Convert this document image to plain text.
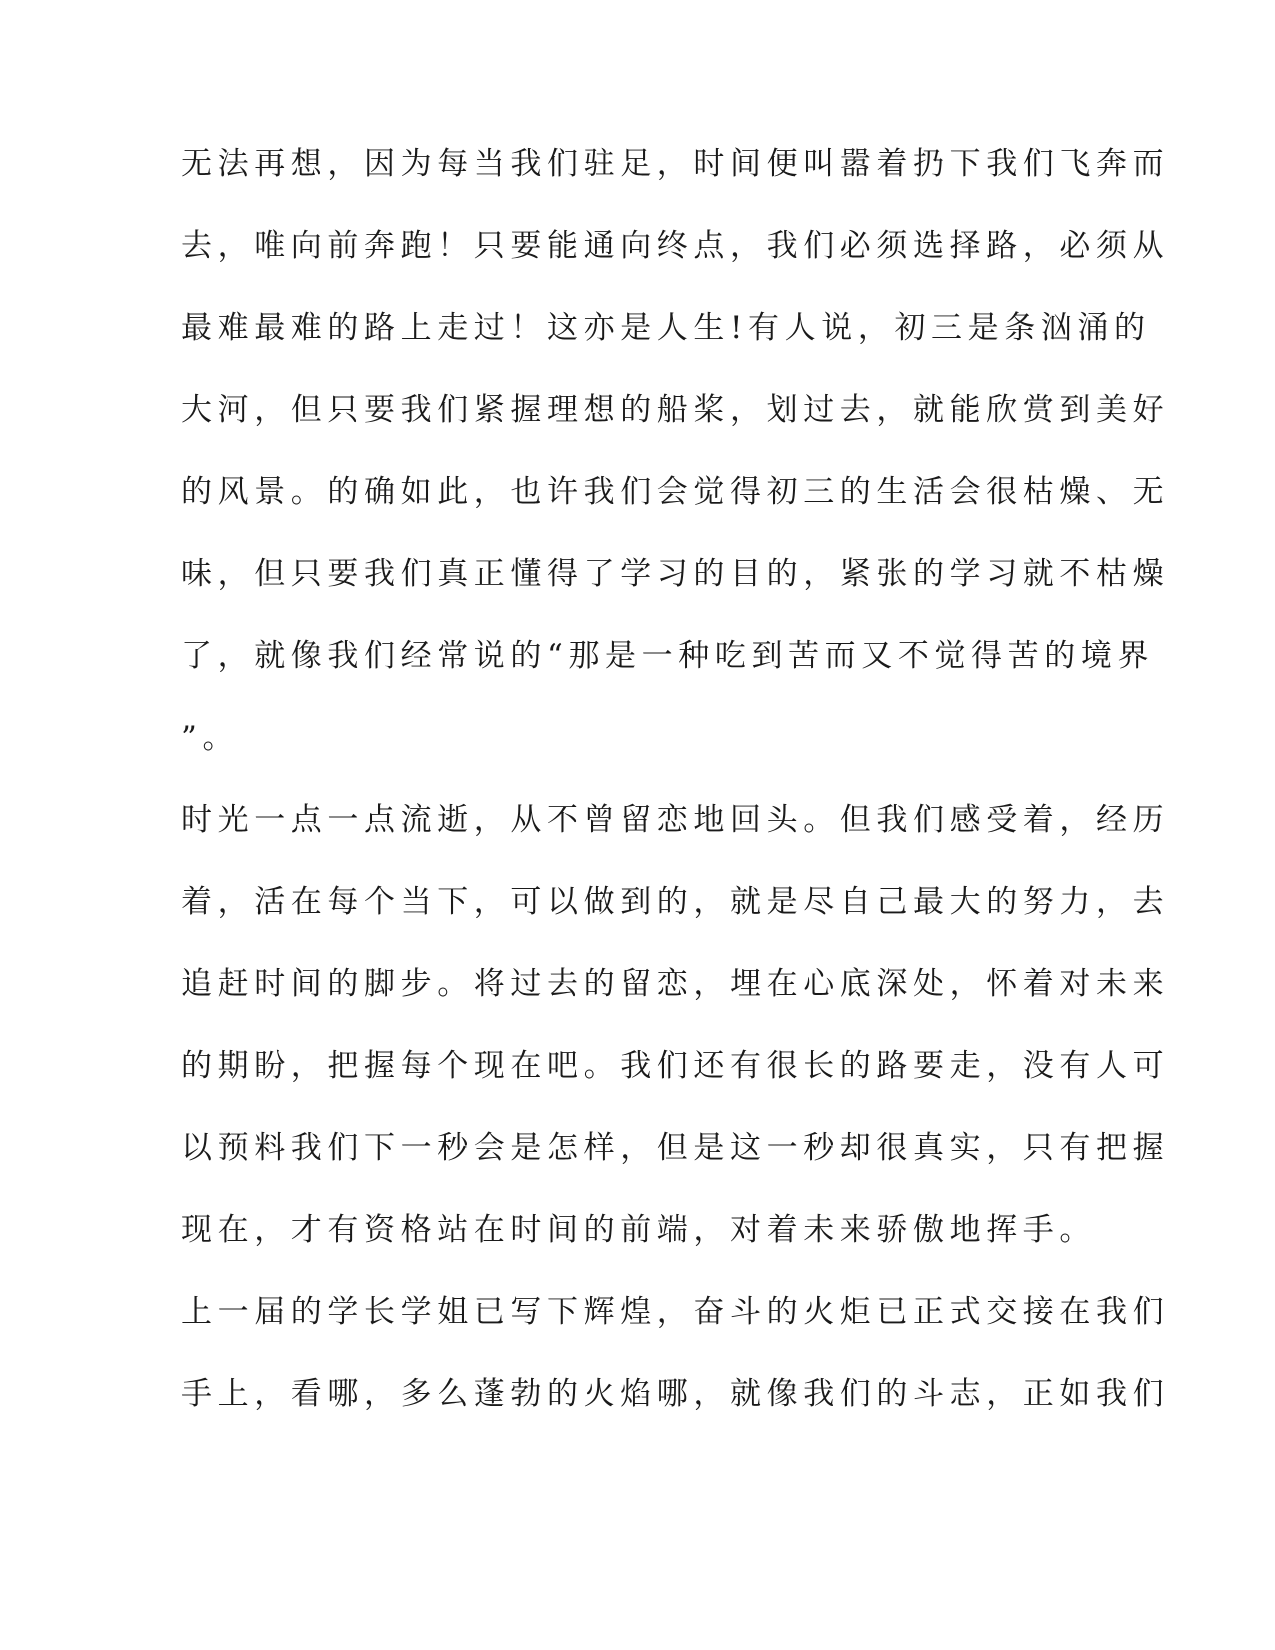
无法再想，因为每当我们驻足，时间便叫嚣着扔下我们飞奔而
去，唯向前奔跑！只要能通向终点，我们必须选择路，必须从
最难最难的路上走过！这亦是人生!有人说，初三是条汹涌的
大河，但只要我们紧握理想的船桨，划过去，就能欣赏到美好
的风景。的确如此，也许我们会觉得初三的生活会很枯燥、无
味，但只要我们真正懂得了学习的目的，紧张的学习就不枯燥
了，就像我们经常说的“那是一种吃到苦而又不觉得苦的境界
”。
时光一点一点流逝，从不曾留恋地回头。但我们感受着，经历
着，活在每个当下，可以做到的，就是尽自己最大的努力，去
追赶时间的脚步。将过去的留恋，埋在心底深处，怀着对未来
的期盼，把握每个现在吧。我们还有很长的路要走，没有人可
以预料我们下一秒会是怎样，但是这一秒却很真实，只有把握
现在，才有资格站在时间的前端，对着未来骄傲地挥手。
上一届的学长学姐已写下辉煌，奋斗的火炬已正式交接在我们
手上，看哪，多么蓬勃的火焰哪，就像我们的斗志，正如我们
